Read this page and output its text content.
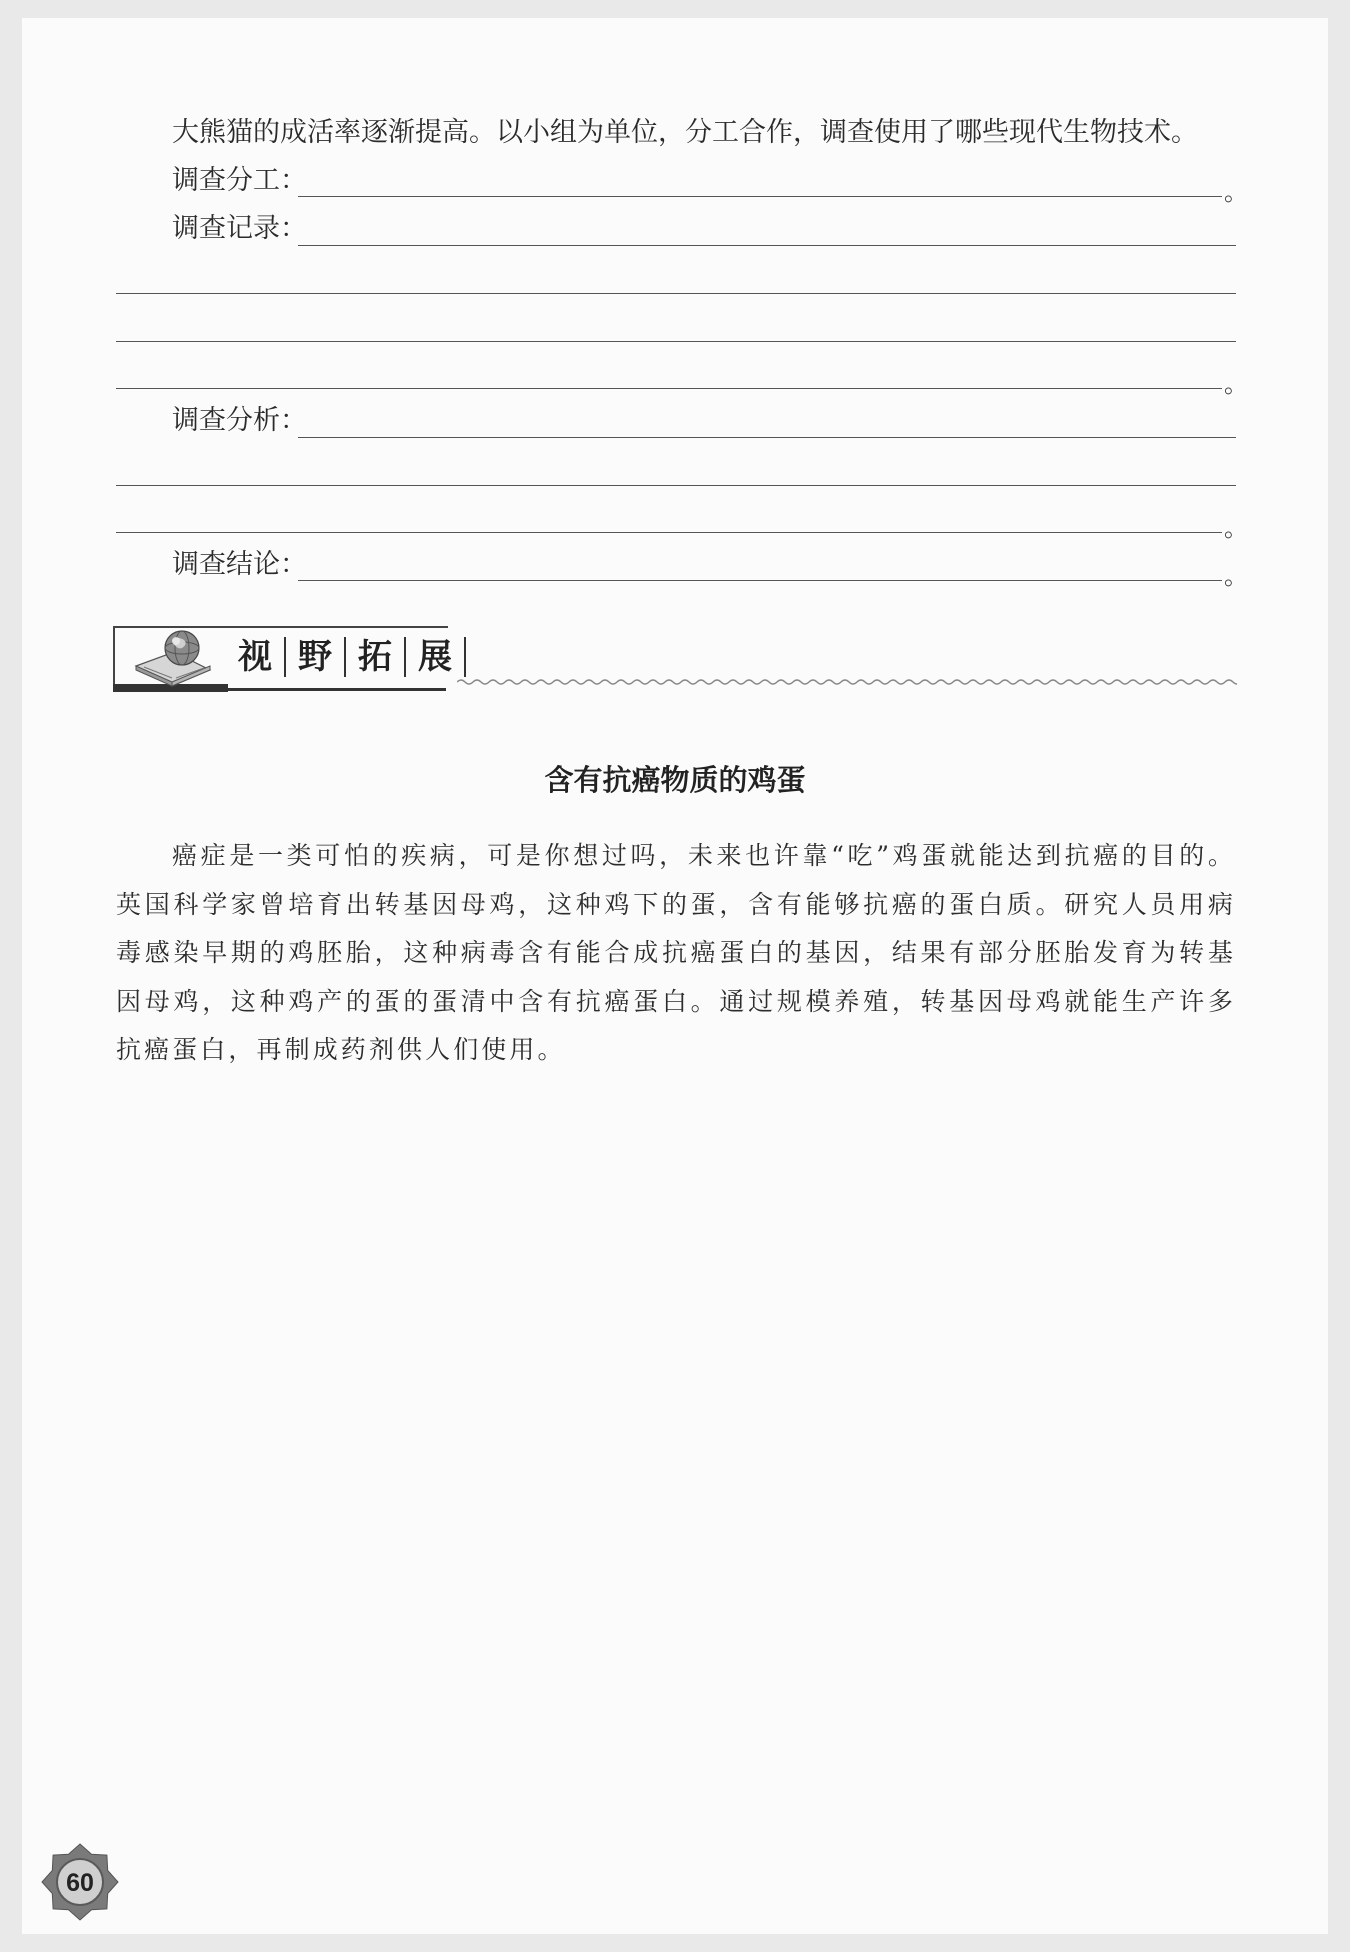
大熊猫的成活率逐渐提高。以小组为单位，分工合作，调查使用了哪些现代生物技术。
调查分工：	。
调查记录：
。
调查分析：
。
调查结论：	。
视 野 拓 展
含有抗癌物质的鸡蛋
癌症是一类可怕的疾病，可是你想过吗，未来也许靠“吃”鸡蛋就能达到抗癌的目的。英国科学家曾培育出转基因母鸡，这种鸡下的蛋，含有能够抗癌的蛋白质。研究人员用病毒感染早期的鸡胚胎，这种病毒含有能合成抗癌蛋白的基因，结果有部分胚胎发育为转基因母鸡，这种鸡产的蛋的蛋清中含有抗癌蛋白。通过规模养殖，转基因母鸡就能生产许多抗癌蛋白，再制成药剂供人们使用。
60
